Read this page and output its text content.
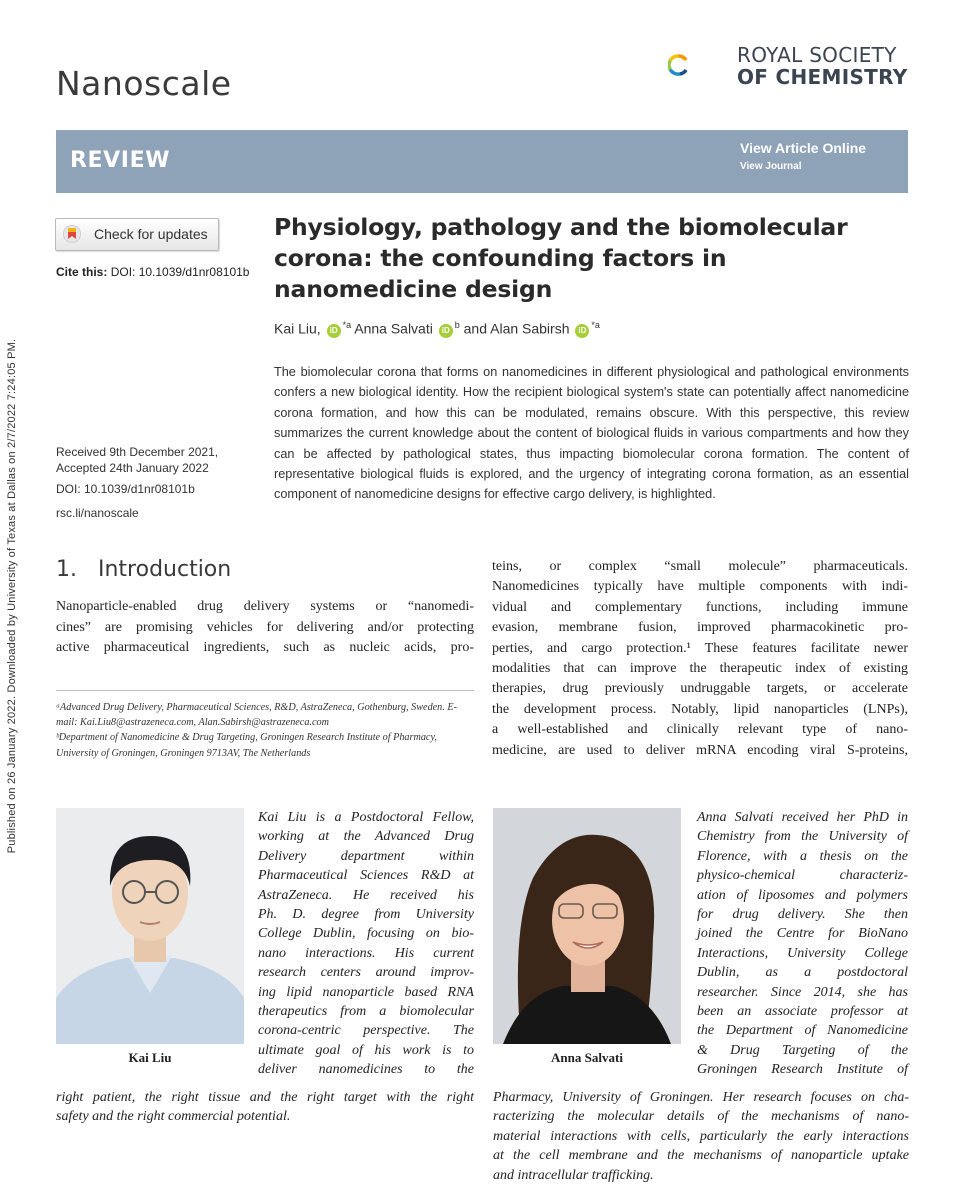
Published on 26 January 2022. Downloaded by University of Texas at Dallas on 2/7/2022 7:24:05 PM.
Nanoscale
ROYAL SOCIETY
OF CHEMISTRY
REVIEW	View Article Online
View Journal
Check for updates
Cite this: DOI: 10.1039/d1nr08101b
Physiology, pathology and the biomolecular corona: the confounding factors in nanomedicine design
Kai Liu, $iD^{*a}$ Anna Salvati $iD^b$ and Alan Sabirsh $iD^{*a}$
The biomolecular corona that forms on nanomedicines in different physiological and pathological environments confers a new biological identity. How the recipient biological system's state can potentially affect nanomedicine corona formation, and how this can be modulated, remains obscure. With this perspective, this review summarizes the current knowledge about the content of biological fluids in various compartments and how they can be affected by pathological states, thus impacting biomolecular corona formation. The content of representative biological fluids is explored, and the urgency of integrating corona formation, as an essential component of nanomedicine designs for effective cargo delivery, is highlighted.
Received 9th December 2021,
Accepted 24th January 2022
DOI: 10.1039/d1nr08101b
rsc.li/nanoscale
1. Introduction
Nanoparticle-enabled drug delivery systems or “nanomedi-
cines” are promising vehicles for delivering and/or protecting
active pharmaceutical ingredients, such as nucleic acids, pro-
ᵃAdvanced Drug Delivery, Pharmaceutical Sciences, R&D, AstraZeneca, Gothenburg, Sweden. E-mail: Kai.Liu8@astrazeneca.com, Alan.Sabirsh@astrazeneca.com
ᵇDepartment of Nanomedicine & Drug Targeting, Groningen Research Institute of Pharmacy, University of Groningen, Groningen 9713AV, The Netherlands
teins, or complex “small molecule” pharmaceuticals.
Nanomedicines typically have multiple components with indi-
vidual and complementary functions, including immune
evasion, membrane fusion, improved pharmacokinetic pro-
perties, and cargo protection.¹ These features facilitate newer
modalities that can improve the therapeutic index of existing
therapies, drug previously undruggable targets, or accelerate
the development process. Notably, lipid nanoparticles (LNPs),
a well-established and clinically relevant type of nano-
medicine, are used to deliver mRNA encoding viral S-proteins,
Kai Liu
Kai Liu is a Postdoctoral Fellow,
working at the Advanced Drug
Delivery department within
Pharmaceutical Sciences R&D at
AstraZeneca. He received his
Ph. D. degree from University
College Dublin, focusing on bio-
nano interactions. His current
research centers around improv-
ing lipid nanoparticle based RNA
therapeutics from a biomolecular
corona-centric perspective. The
ultimate goal of his work is to
deliver nanomedicines to the
right patient, the right tissue and the right target with the right
safety and the right commercial potential.
Anna Salvati
Anna Salvati received her PhD in
Chemistry from the University of
Florence, with a thesis on the
physico-chemical characteriz-
ation of liposomes and polymers
for drug delivery. She then
joined the Centre for BioNano
Interactions, University College
Dublin, as a postdoctoral
researcher. Since 2014, she has
been an associate professor at
the Department of Nanomedicine
& Drug Targeting of the
Groningen Research Institute of
Pharmacy, University of Groningen. Her research focuses on cha-
racterizing the molecular details of the mechanisms of nano-
material interactions with cells, particularly the early interactions
at the cell membrane and the mechanisms of nanoparticle uptake
and intracellular trafficking.
